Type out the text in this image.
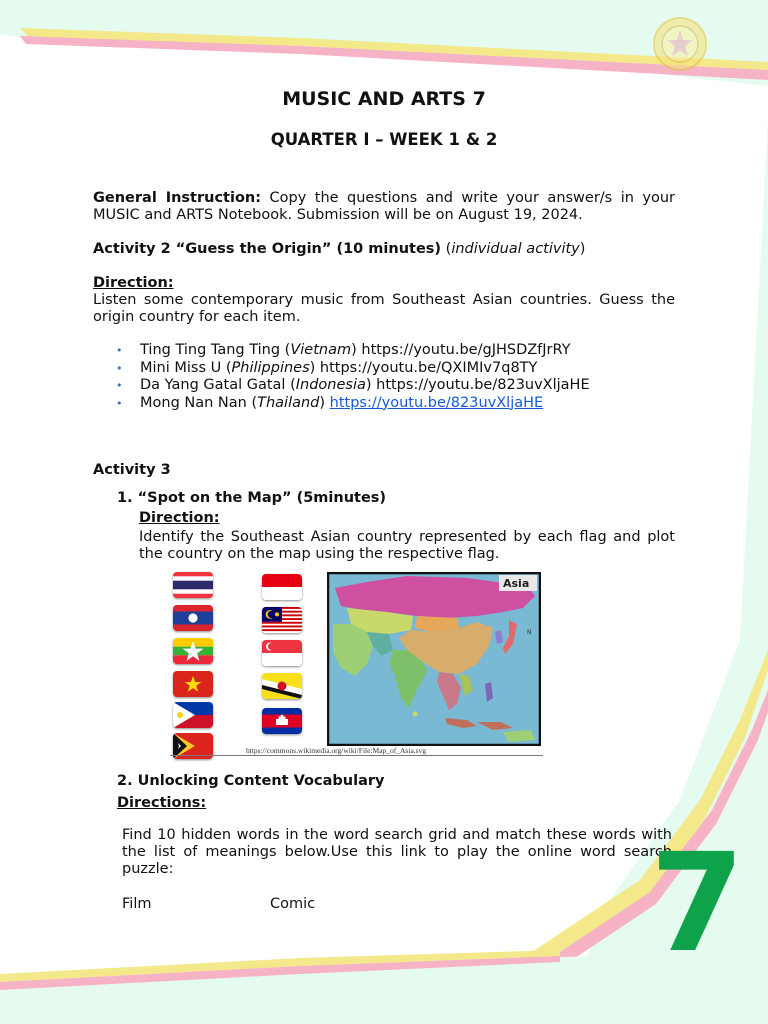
MUSIC AND ARTS 7
QUARTER I – WEEK 1 & 2
General Instruction: Copy the questions and write your answer/s in your MUSIC and ARTS Notebook. Submission will be on August 19, 2024.
Activity 2 “Guess the Origin” (10 minutes) (individual activity)
Direction:
Listen some contemporary music from Southeast Asian countries. Guess the origin country for each item.
• Ting Ting Tang Ting (Vietnam) https://youtu.be/gJHSDZfJrRY
• Mini Miss U (Philippines) https://youtu.be/QXIMIv7q8TY
• Da Yang Gatal Gatal (Indonesia) https://youtu.be/823uvXljaHE
• Mong Nan Nan (Thailand) https://youtu.be/823uvXljaHE
Activity 3
1. “Spot on the Map” (5minutes)
Direction:
Identify the Southeast Asian country represented by each flag and plot the country on the map using the respective flag.
Asia
N
https://commons.wikimedia.org/wiki/File:Map_of_Asia.svg
2. Unlocking Content Vocabulary
Directions:
Find 10 hidden words in the word search grid and match these words with the list of meanings below.Use this link to play the online word search puzzle:
Film	Comic 7
